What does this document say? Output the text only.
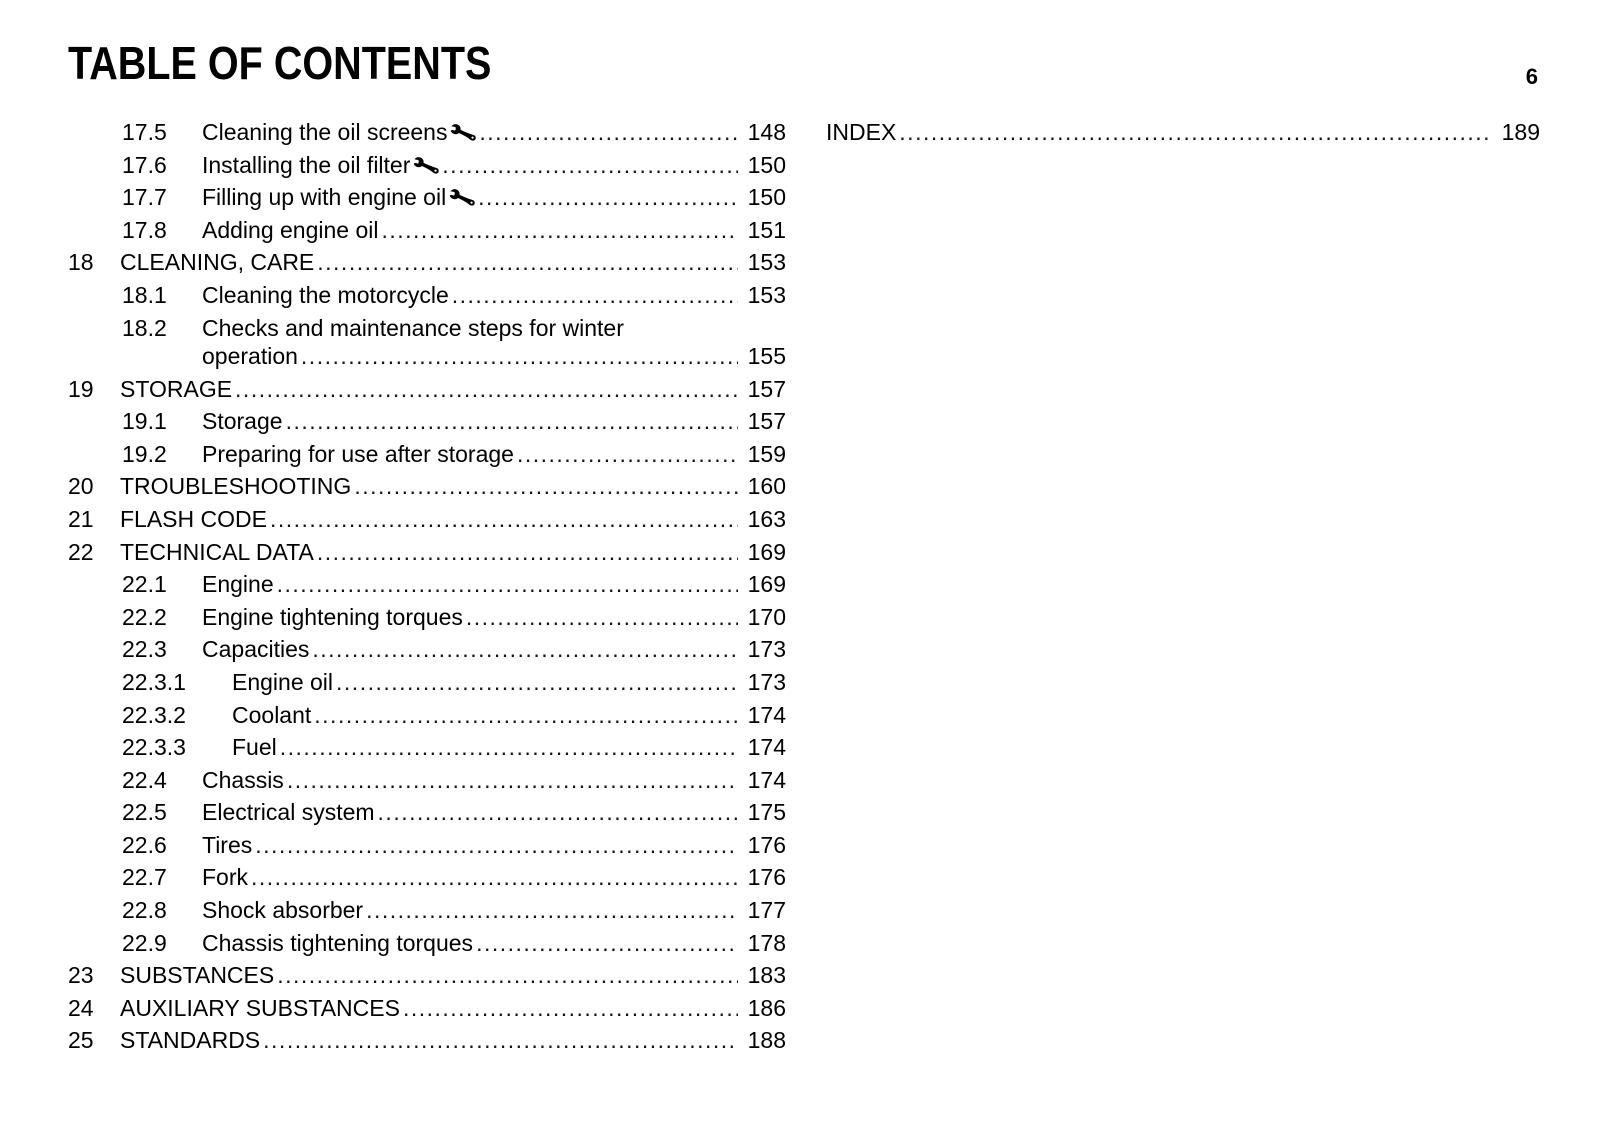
TABLE OF CONTENTS	6
17.5 Cleaning the oil screens 🔧 .....	148
17.6 Installing the oil filter 🔧 .....	150
17.7 Filling up with engine oil 🔧 .....	150
17.8 Adding engine oil .....	151
18 CLEANING, CARE .....	153
18.1 Cleaning the motorcycle .....	153
18.2 Checks and maintenance steps for winter
operation .....	155
19 STORAGE .....	157
19.1 Storage .....	157
19.2 Preparing for use after storage .....	159
20 TROUBLESHOOTING .....	160
21 FLASH CODE .....	163
22 TECHNICAL DATA .....	169
22.1 Engine .....	169
22.2 Engine tightening torques .....	170
22.3 Capacities .....	173
22.3.1 Engine oil .....	173
22.3.2 Coolant .....	174
22.3.3 Fuel .....	174
22.4 Chassis .....	174
22.5 Electrical system .....	175
22.6 Tires .....	176
22.7 Fork .....	176
22.8 Shock absorber .....	177
22.9 Chassis tightening torques .....	178
23 SUBSTANCES .....	183
24 AUXILIARY SUBSTANCES .....	186
25 STANDARDS .....	188
INDEX .....	189
